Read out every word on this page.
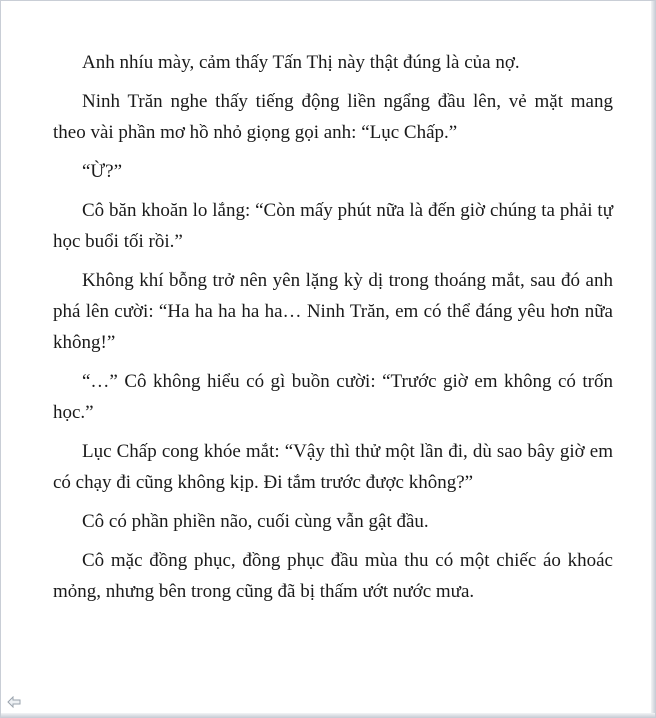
Anh nhíu mày, cảm thấy Tấn Thị này thật đúng là của nợ.

Ninh Trăn nghe thấy tiếng động liền ngẩng đầu lên, vẻ mặt mang theo vài phần mơ hồ nhỏ giọng gọi anh: “Lục Chấp.”

“Ừ?”

Cô băn khoăn lo lắng: “Còn mấy phút nữa là đến giờ chúng ta phải tự học buổi tối rồi.”

Không khí bỗng trở nên yên lặng kỳ dị trong thoáng mắt, sau đó anh phá lên cười: “Ha ha ha ha ha… Ninh Trăn, em có thể đáng yêu hơn nữa không!”

“…” Cô không hiểu có gì buồn cười: “Trước giờ em không có trốn học.”

Lục Chấp cong khóe mắt: “Vậy thì thử một lần đi, dù sao bây giờ em có chạy đi cũng không kịp. Đi tắm trước được không?”

Cô có phần phiền não, cuối cùng vẫn gật đầu.

Cô mặc đồng phục, đồng phục đầu mùa thu có một chiếc áo khoác mỏng, nhưng bên trong cũng đã bị thấm ướt nước mưa.
